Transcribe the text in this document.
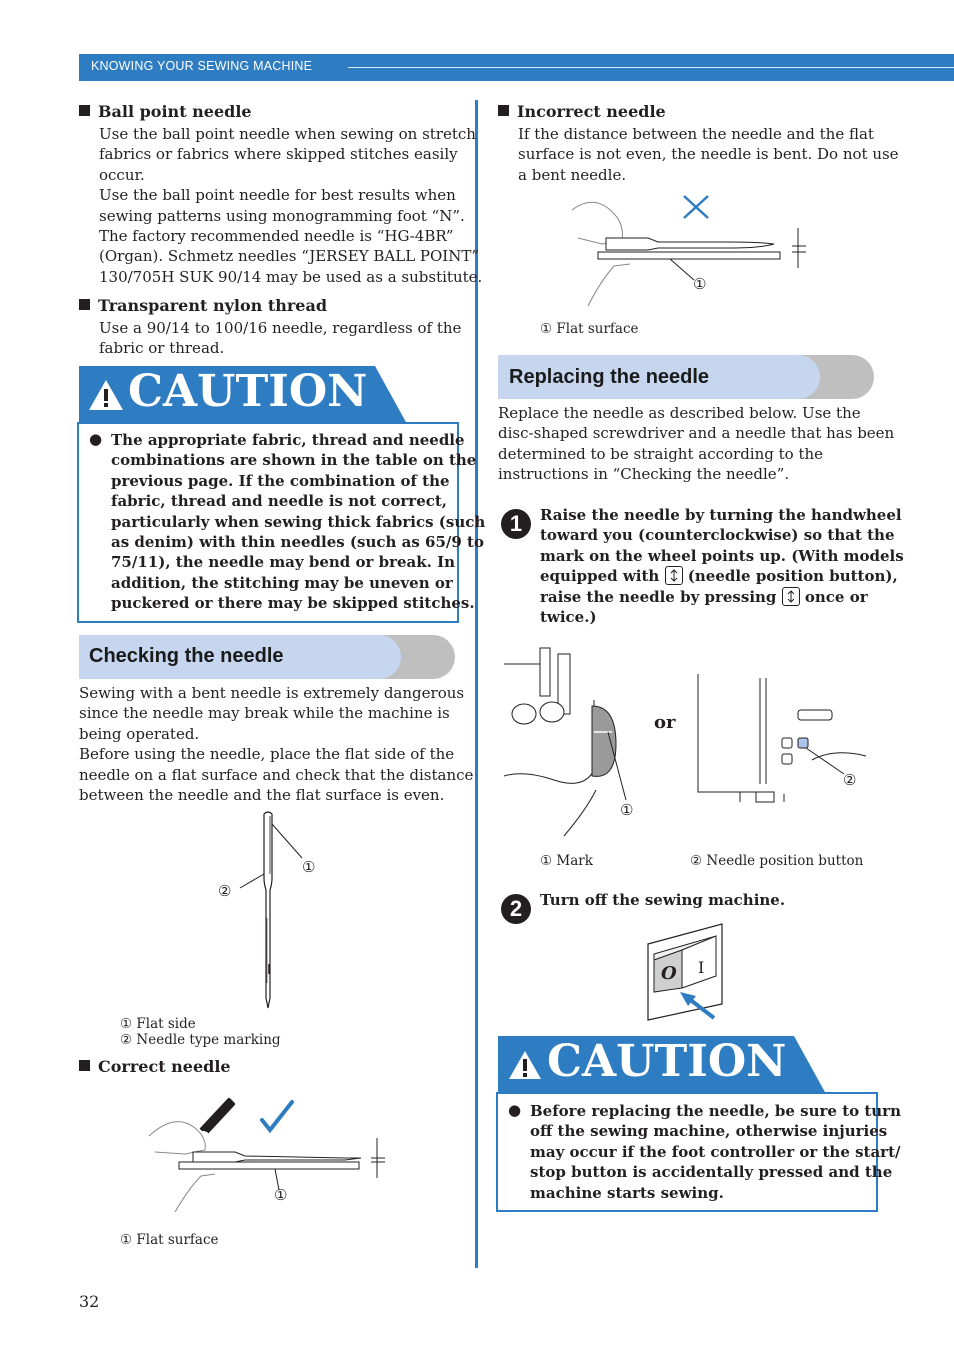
KNOWING YOUR SEWING MACHINE
Ball point needle
Use the ball point needle when sewing on stretch
fabrics or fabrics where skipped stitches easily
occur.
Use the ball point needle for best results when
sewing patterns using monogramming foot “N”.
The factory recommended needle is “HG-4BR”
(Organ). Schmetz needles “JERSEY BALL POINT”
130/705H SUK 90/14 may be used as a substitute.
Transparent nylon thread
Use a 90/14 to 100/16 needle, regardless of the
fabric or thread.
CAUTION
● The appropriate fabric, thread and needle
combinations are shown in the table on the
previous page. If the combination of the
fabric, thread and needle is not correct,
particularly when sewing thick fabrics (such
as denim) with thin needles (such as 65/9 to
75/11), the needle may bend or break. In
addition, the stitching may be uneven or
puckered or there may be skipped stitches.
Checking the needle
Sewing with a bent needle is extremely dangerous
since the needle may break while the machine is
being operated.
Before using the needle, place the flat side of the
needle on a flat surface and check that the distance
between the needle and the flat surface is even.
①
②
① Flat side
② Needle type marking
Correct needle
①
① Flat surface
32
Incorrect needle
If the distance between the needle and the flat
surface is not even, the needle is bent. Do not use
a bent needle.
①
① Flat surface
Replacing the needle
Replace the needle as described below. Use the
disc-shaped screwdriver and a needle that has been
determined to be straight according to the
instructions in “Checking the needle”.
1	Raise the needle by turning the handwheel
toward you (counterclockwise) so that the
mark on the wheel points up. (With models
equipped with (needle position button),
raise the needle by pressing once or
twice.)
①
or
②
① Mark	② Needle position button
2	Turn off the sewing machine.
O I
CAUTION
● Before replacing the needle, be sure to turn
off the sewing machine, otherwise injuries
may occur if the foot controller or the start/
stop button is accidentally pressed and the
machine starts sewing.
